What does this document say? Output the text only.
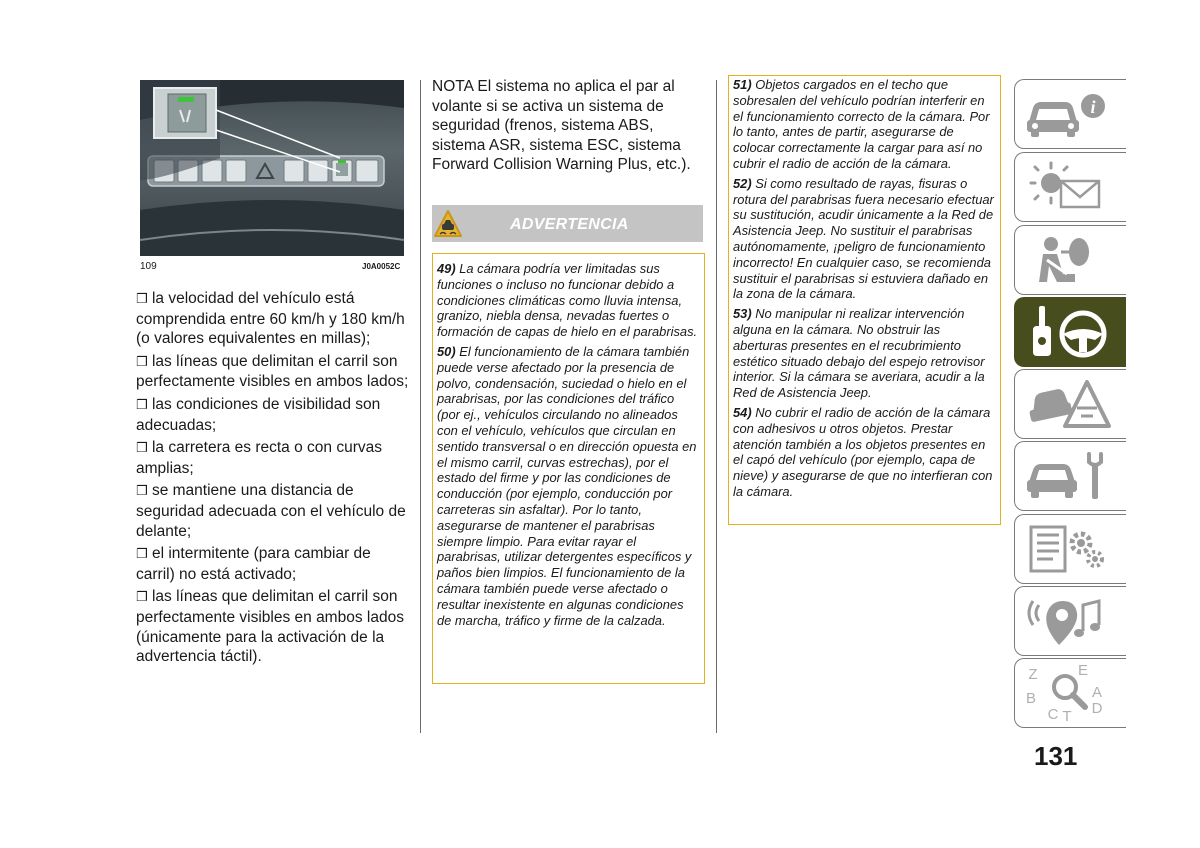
109	J0A0052C

❒ la velocidad del vehículo está comprendida entre 60 km/h y 180 km/h (o valores equivalentes en millas);

❒ las líneas que delimitan el carril son perfectamente visibles en ambos lados;

❒ las condiciones de visibilidad son adecuadas;

❒ la carretera es recta o con curvas amplias;

❒ se mantiene una distancia de seguridad adecuada con el vehículo de delante;

❒ el intermitente (para cambiar de carril) no está activado;

❒ las líneas que delimitan el carril son perfectamente visibles en ambos lados (únicamente para la activación de la advertencia táctil).

NOTA El sistema no aplica el par al volante si se activa un sistema de seguridad (frenos, sistema ABS, sistema ASR, sistema ESC, sistema Forward Collision Warning Plus, etc.).

ADVERTENCIA

49) La cámara podría ver limitadas sus funciones o incluso no funcionar debido a condiciones climáticas como lluvia intensa, granizo, niebla densa, nevadas fuertes o formación de capas de hielo en el parabrisas.

50) El funcionamiento de la cámara también puede verse afectado por la presencia de polvo, condensación, suciedad o hielo en el parabrisas, por las condiciones del tráfico (por ej., vehículos circulando no alineados con el vehículo, vehículos que circulan en sentido transversal o en dirección opuesta en el mismo carril, curvas estrechas), por el estado del firme y por las condiciones de conducción (por ejemplo, conducción por carreteras sin asfaltar). Por lo tanto, asegurarse de mantener el parabrisas siempre limpio. Para evitar rayar el parabrisas, utilizar detergentes específicos y paños bien limpios. El funcionamiento de la cámara también puede verse afectado o resultar inexistente en algunas condiciones de marcha, tráfico y firme de la calzada.

51) Objetos cargados en el techo que sobresalen del vehículo podrían interferir en el funcionamiento correcto de la cámara. Por lo tanto, antes de partir, asegurarse de colocar correctamente la cargar para así no cubrir el radio de acción de la cámara.

52) Si como resultado de rayas, fisuras o rotura del parabrisas fuera necesario efectuar su sustitución, acudir únicamente a la Red de Asistencia Jeep. No sustituir el parabrisas autónomamente, ¡peligro de funcionamiento incorrecto! En cualquier caso, se recomienda sustituir el parabrisas si estuviera dañado en la zona de la cámara.

53) No manipular ni realizar intervención alguna en la cámara. No obstruir las aberturas presentes en el recubrimiento estético situado debajo del espejo retrovisor interior. Si la cámara se averiara, acudir a la Red de Asistencia Jeep.

54) No cubrir el radio de acción de la cámara con adhesivos u otros objetos. Prestar atención también a los objetos presentes en el capó del vehículo (por ejemplo, capa de nieve) y asegurarse de que no interfieran con la cámara.

i
Z	E
A
B
C T D
131
